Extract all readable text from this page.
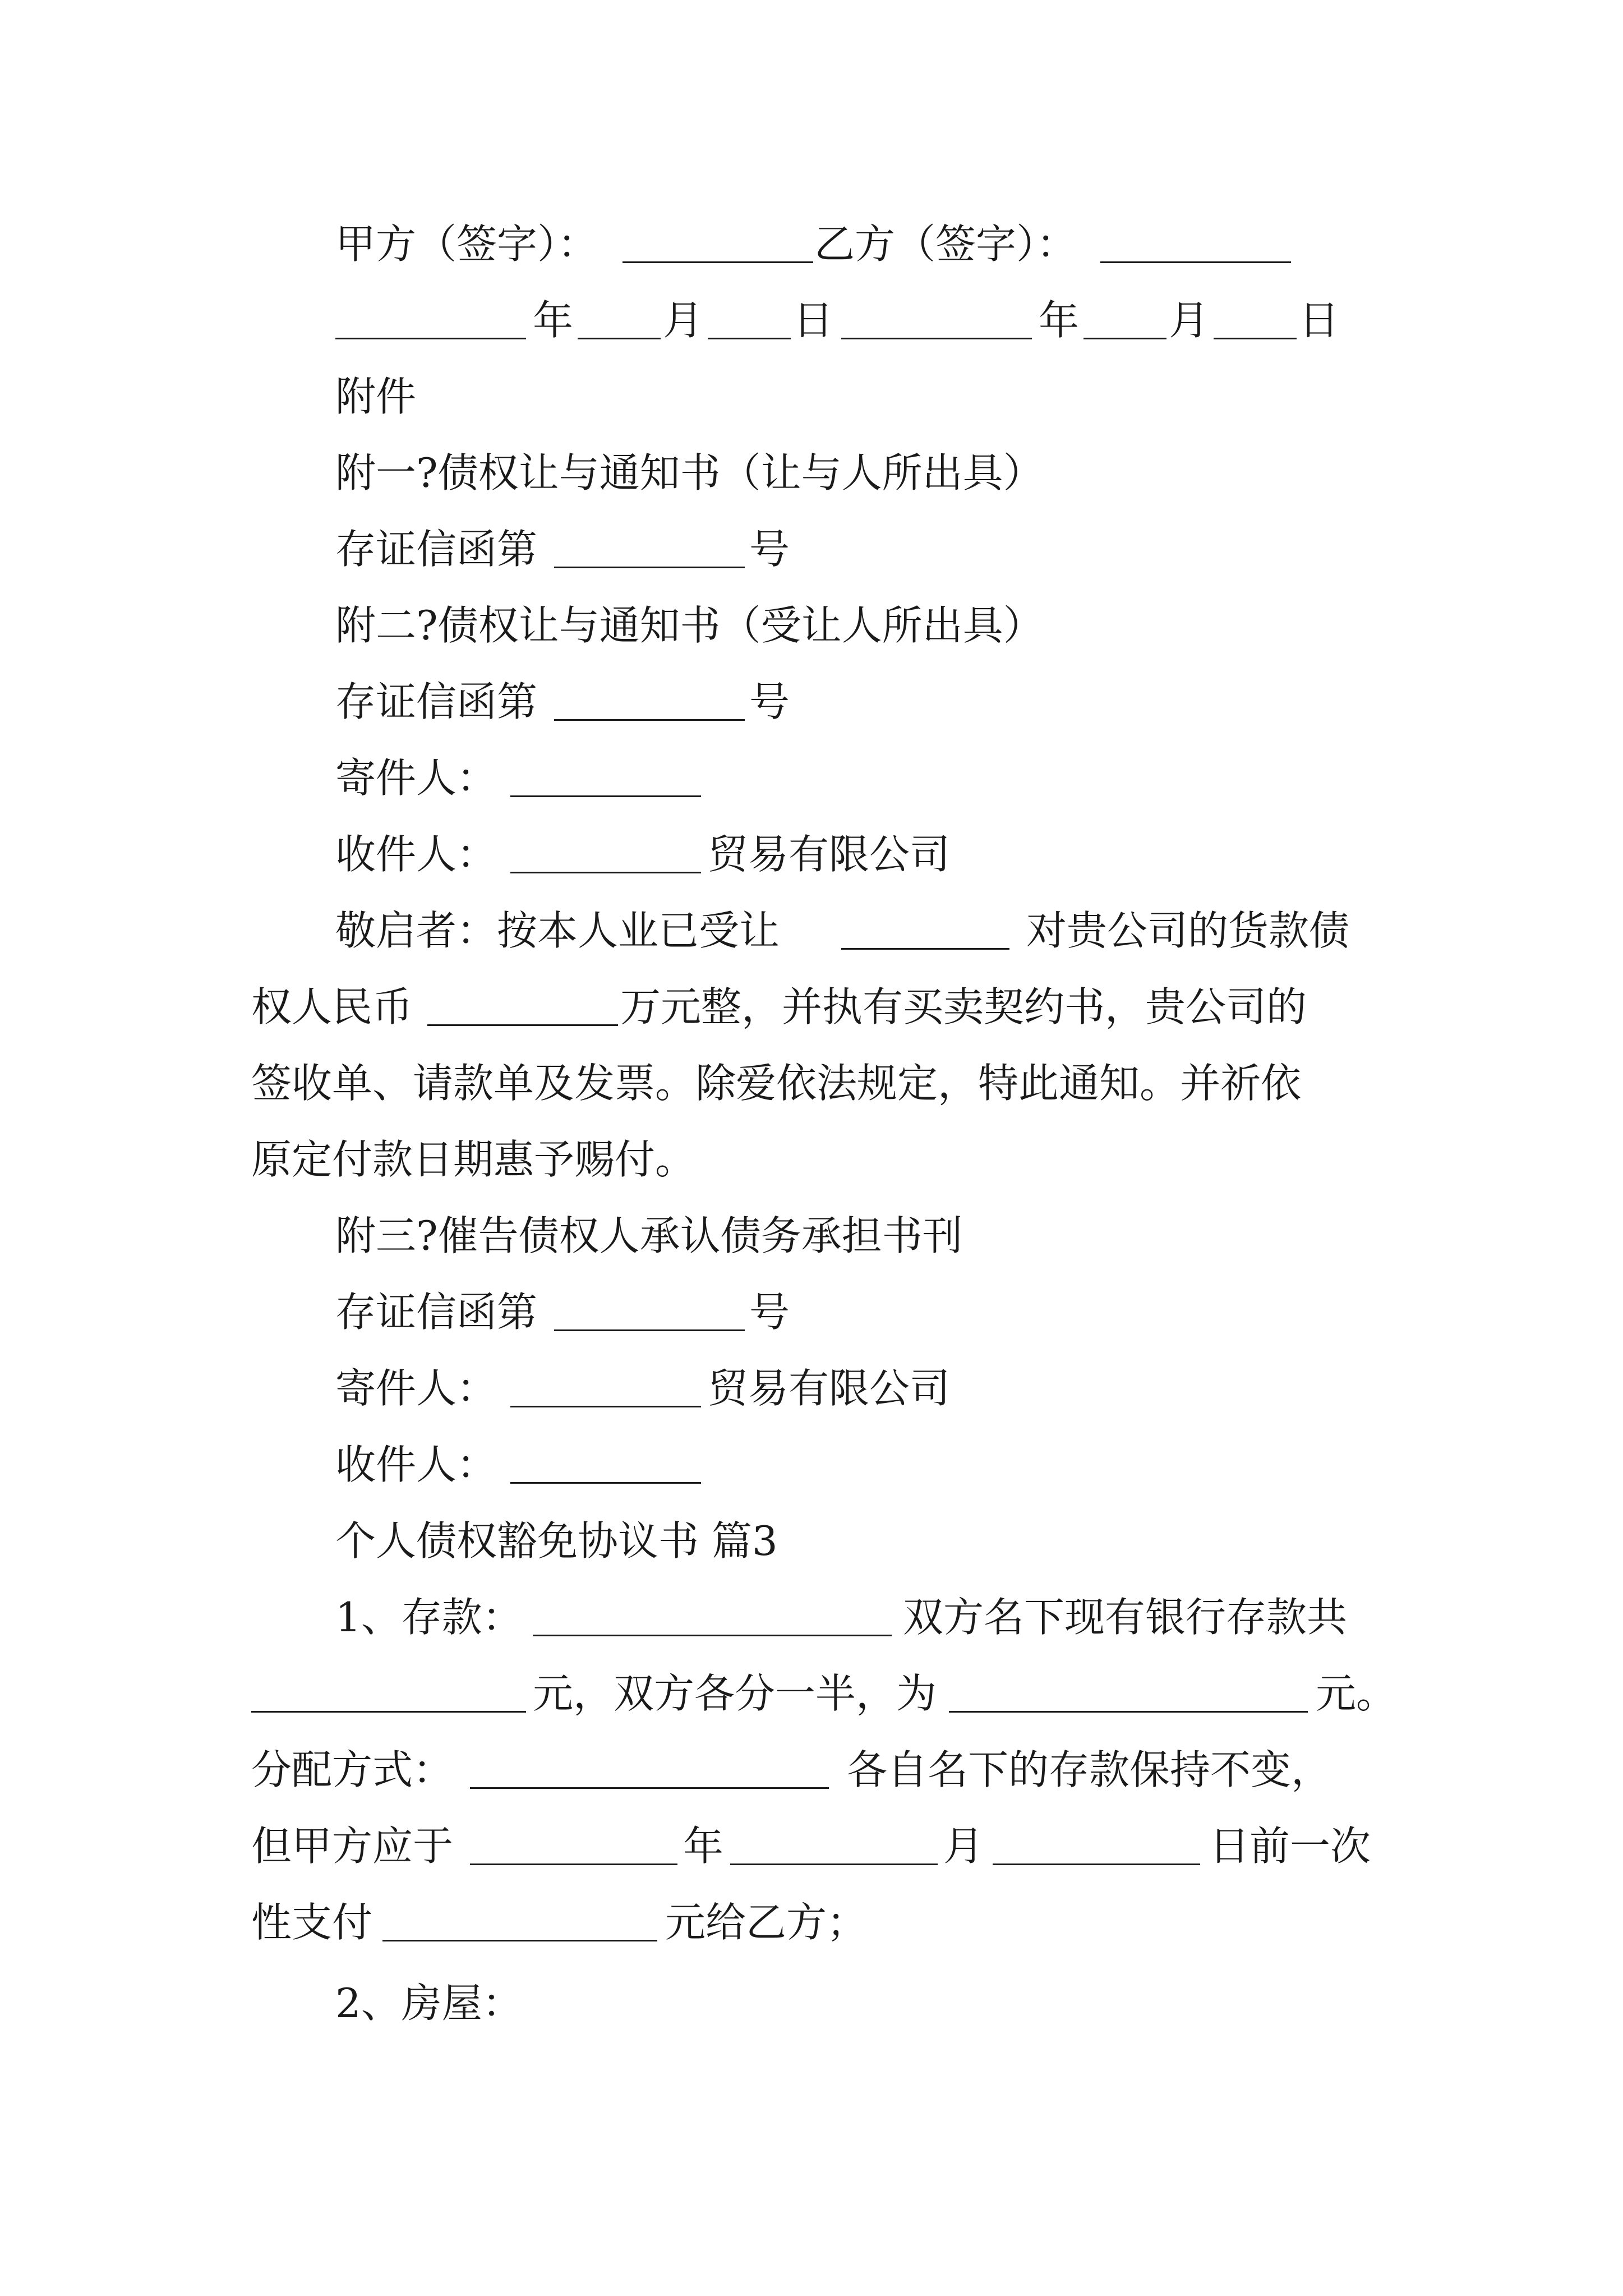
甲方（签字）：	乙方（签字）：
年 月 日	年 月 日
附件
附一?债权让与通知书（让与人所出具）
存证信函第	号
附二?债权让与通知书（受让人所出具）
存证信函第	号
寄件人：
收件人：	贸易有限公司
敬启者：按本人业已受让	对贵公司的货款债
权人民币	万元整，并执有买卖契约书，贵公司的
签收单、请款单及发票。除爱依法规定，特此通知。并祈依
原定付款日期惠予赐付。
附三?催告债权人承认债务承担书刊
存证信函第	号
寄件人：	贸易有限公司
收件人：
个人债权豁免协议书 篇3
1、存款：	双方名下现有银行存款共
元，双方各分一半，为	元。
分配方式：	各自名下的存款保持不变，
但甲方应于	年	月	日前一次
性支付	元给乙方；
2、房屋：
